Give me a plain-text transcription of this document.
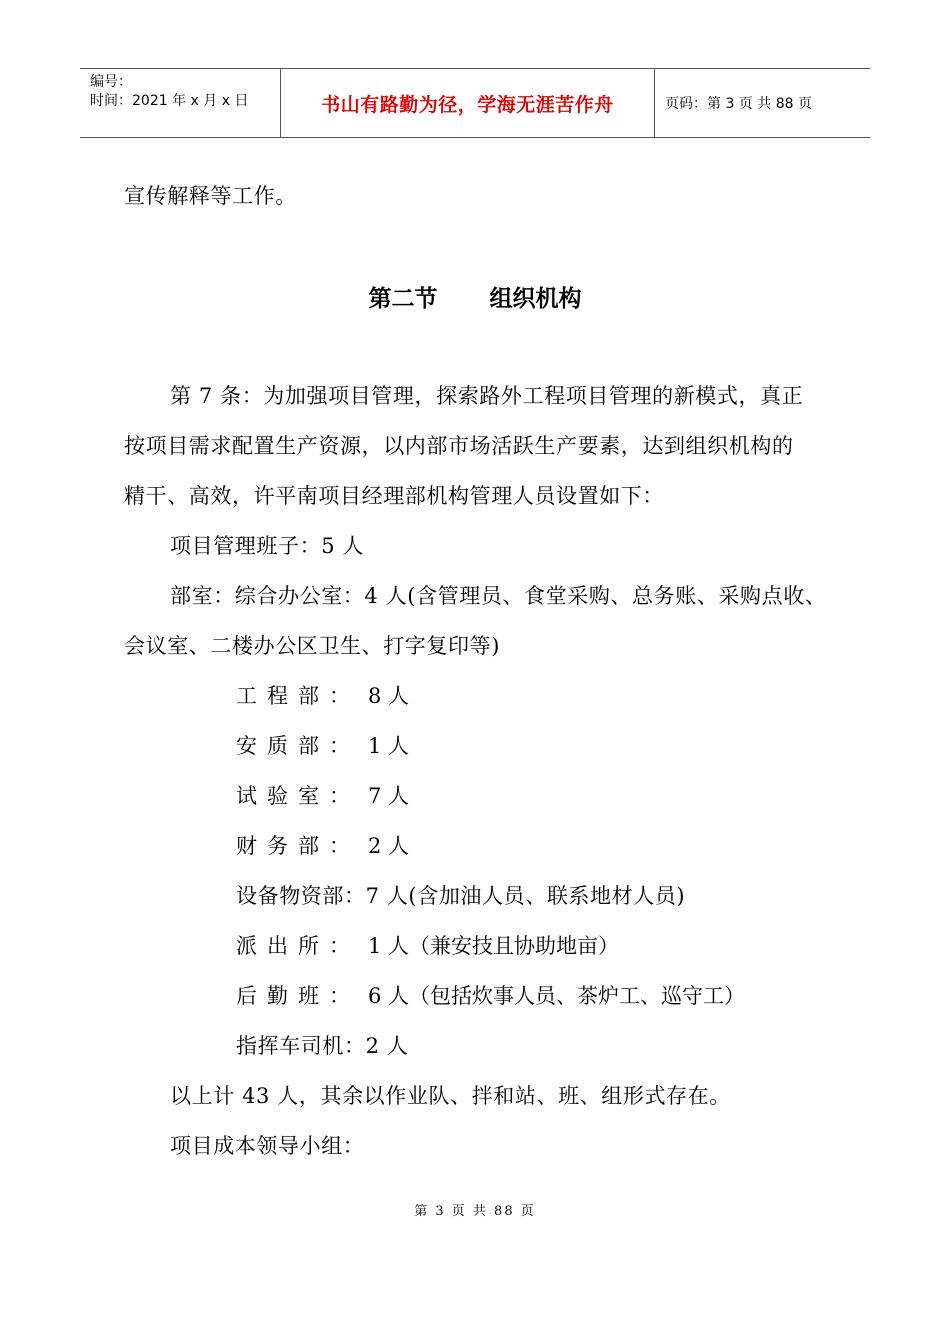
编号：
时间：2021 年 x 月 x 日	书山有路勤为径，学海无涯苦作舟	页码：第 3 页 共 88 页
宣传解释等工作。
第二节 组织机构
第 7 条：为加强项目管理，探索路外工程项目管理的新模式，真正
按项目需求配置生产资源，以内部市场活跃生产要素，达到组织机构的
精干、高效，许平南项目经理部机构管理人员设置如下：
项目管理班子：5 人
部室：综合办公室：4 人(含管理员、食堂采购、总务账、采购点收、
会议室、二楼办公区卫生、打字复印等)
工程部： 8 人
安质部： 1 人
试验室： 7 人
财务部： 2 人
设备物资部：7 人(含加油人员、联系地材人员)
派出所： 1 人（兼安技且协助地亩）
后勤班： 6 人（包括炊事人员、茶炉工、巡守工）
指挥车司机：2 人
以上计 43 人，其余以作业队、拌和站、班、组形式存在。
项目成本领导小组：
第 3 页 共 88 页
